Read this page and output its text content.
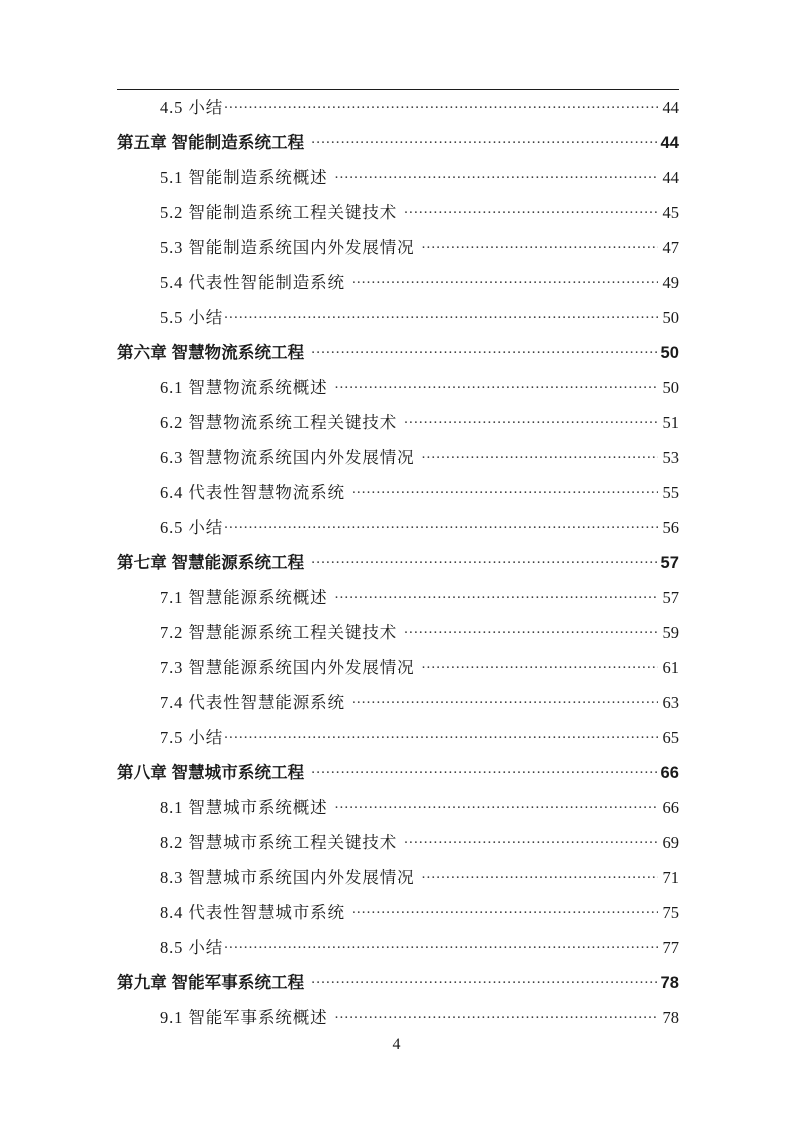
4.5 小结 .....	44
第五章 智能制造系统工程 .....	44
5.1 智能制造系统概述 .....	44
5.2 智能制造系统工程关键技术 .....	45
5.3 智能制造系统国内外发展情况 .....	47
5.4 代表性智能制造系统 .....	49
5.5 小结 .....	50
第六章 智慧物流系统工程 .....	50
6.1 智慧物流系统概述 .....	50
6.2 智慧物流系统工程关键技术 .....	51
6.3 智慧物流系统国内外发展情况 .....	53
6.4 代表性智慧物流系统 .....	55
6.5 小结 .....	56
第七章 智慧能源系统工程 .....	57
7.1 智慧能源系统概述 .....	57
7.2 智慧能源系统工程关键技术 .....	59
7.3 智慧能源系统国内外发展情况 .....	61
7.4 代表性智慧能源系统 .....	63
7.5 小结 .....	65
第八章 智慧城市系统工程 .....	66
8.1 智慧城市系统概述 .....	66
8.2 智慧城市系统工程关键技术 .....	69
8.3 智慧城市系统国内外发展情况 .....	71
8.4 代表性智慧城市系统 .....	75
8.5 小结 .....	77
第九章 智能军事系统工程 .....	78
9.1 智能军事系统概述 .....	78
4
